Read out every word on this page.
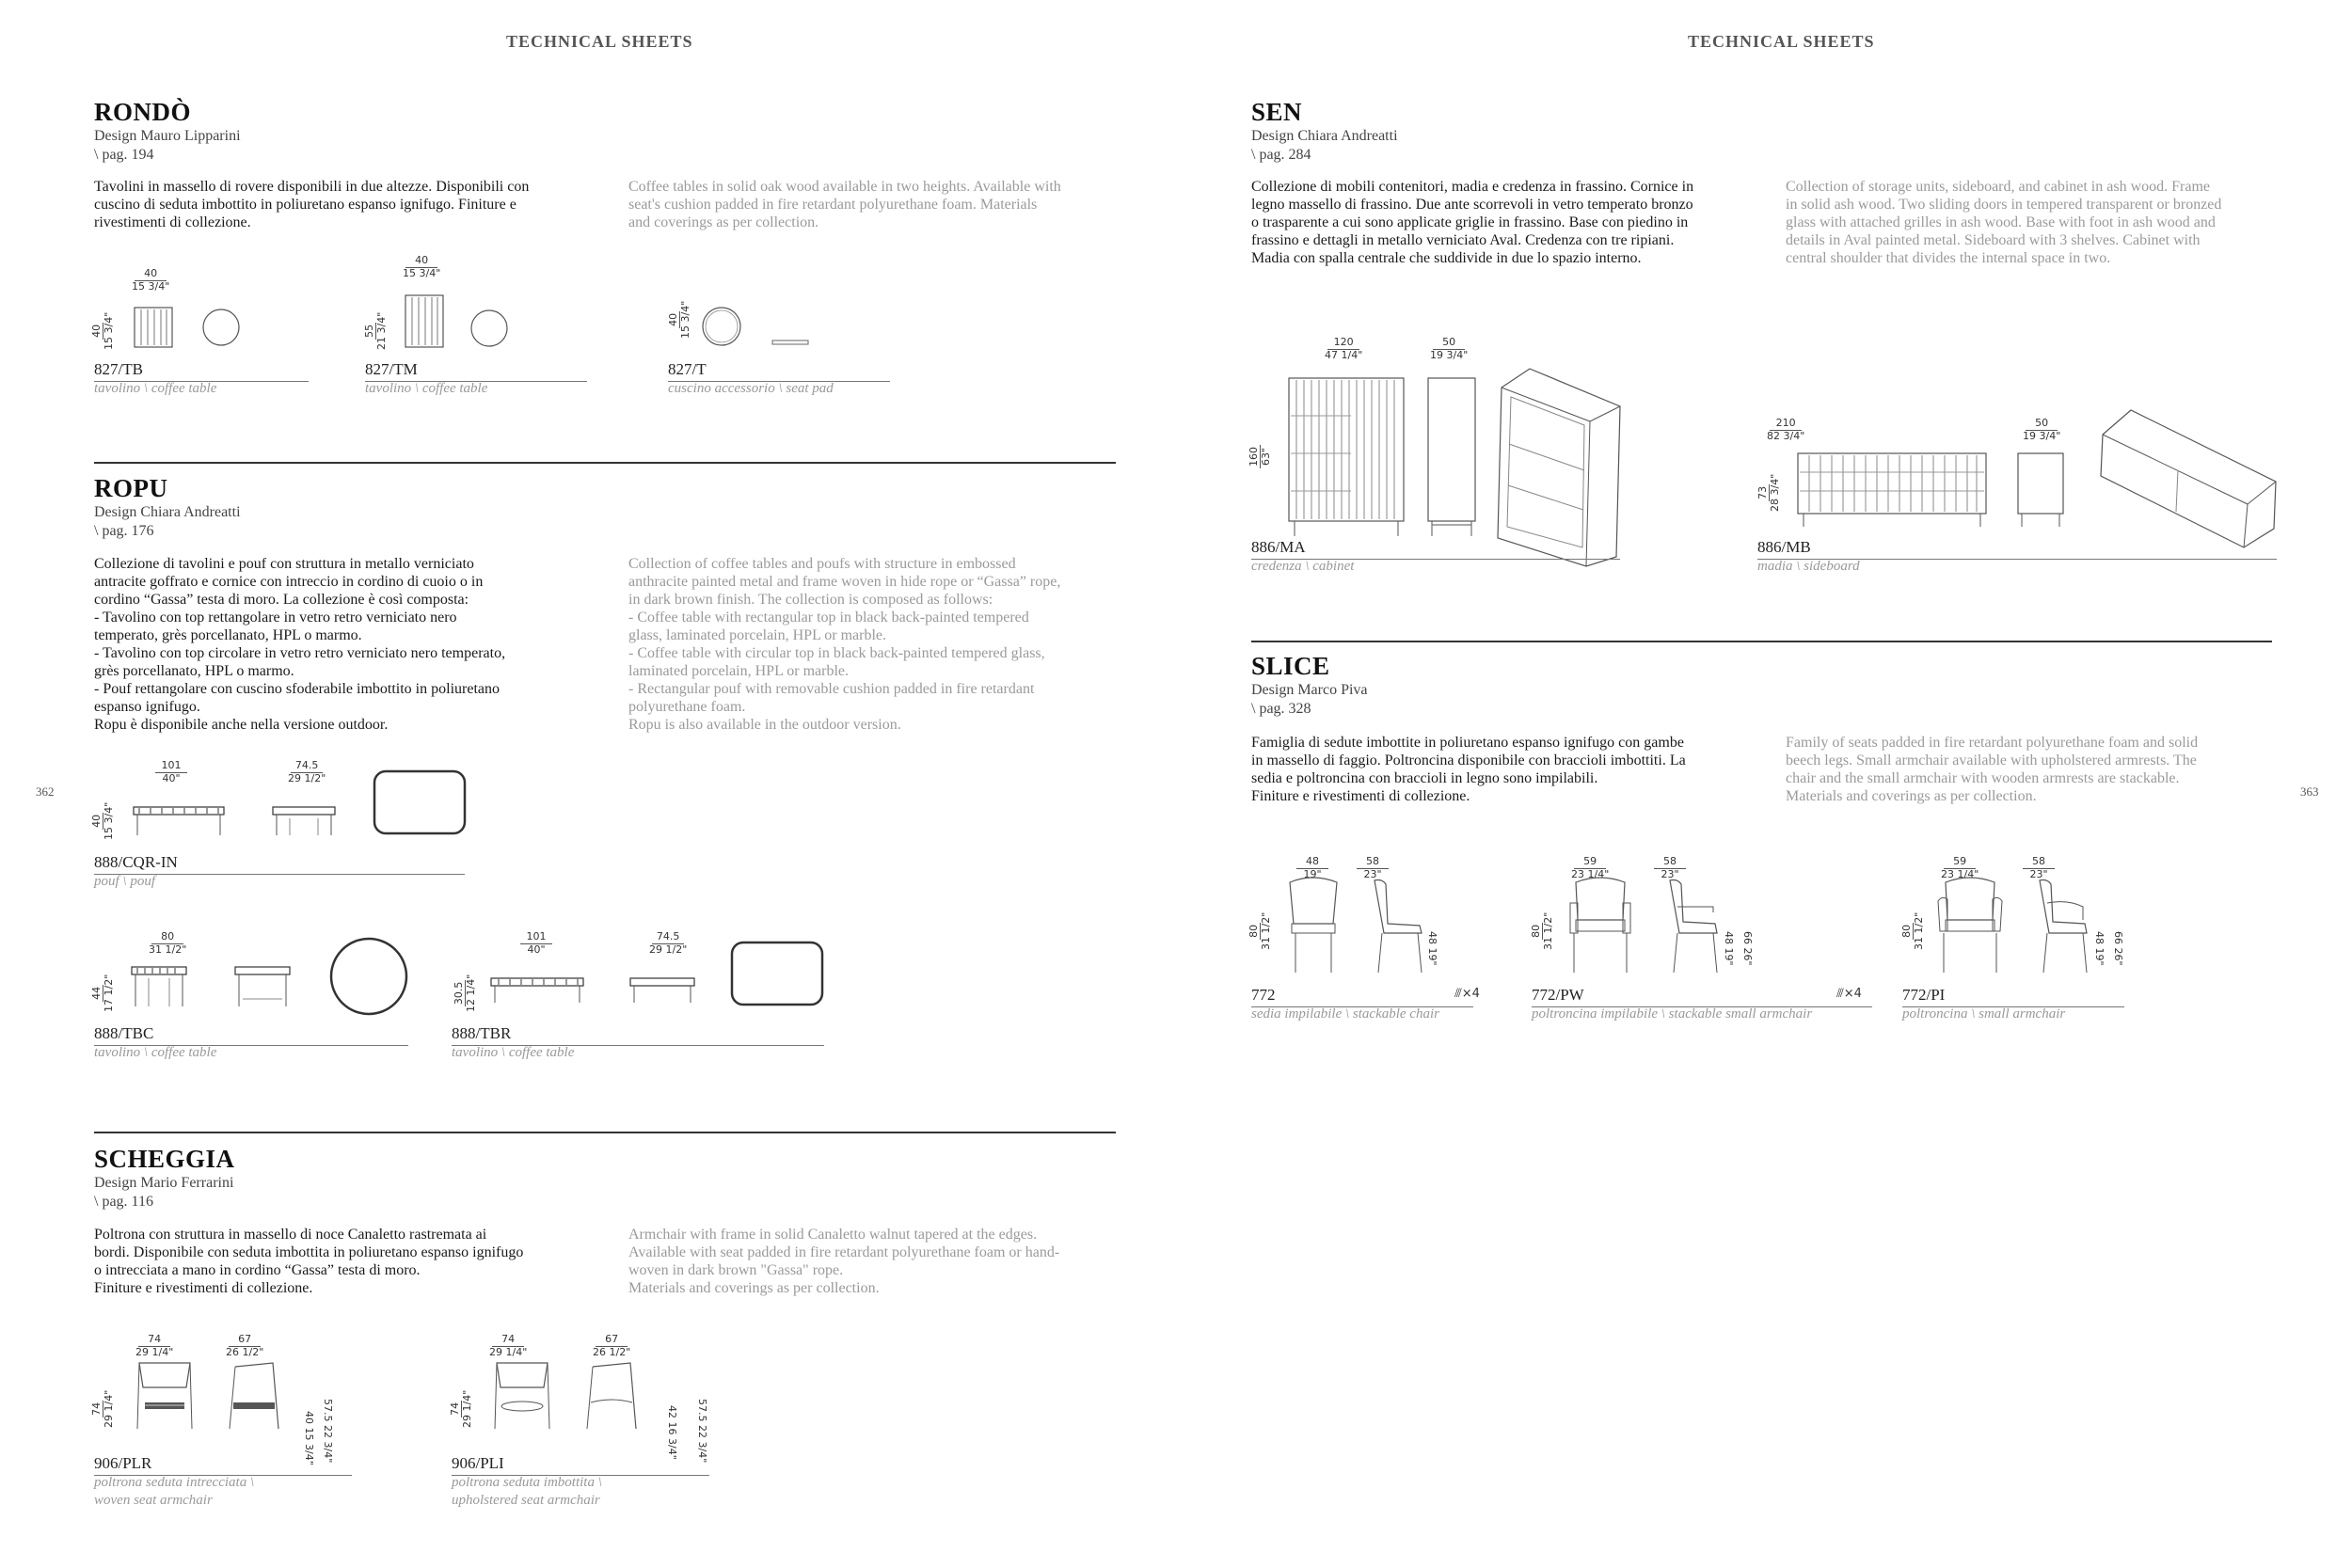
TECHNICAL SHEETS	TECHNICAL SHEETS
362	363
RONDÒ
Design Mauro Lipparini
\ pag. 194
Tavolini in massello di rovere disponibili in due altezze. Disponibili con
cuscino di seduta imbottito in poliuretano espanso ignifugo. Finiture e
rivestimenti di collezione.
Coffee tables in solid oak wood available in two heights. Available with
seat's cushion padded in fire retardant polyurethane foam. Materials
and coverings as per collection.
40
15 3/4"
40
15 3/4"
827/TB
tavolino \ coffee table
40
15 3/4"
55
21 3/4"
827/TM
tavolino \ coffee table
40
15 3/4"
827/T
cuscino accessorio \ seat pad
ROPU
Design Chiara Andreatti
\ pag. 176
Collezione di tavolini e pouf con struttura in metallo verniciato
antracite goffrato e cornice con intreccio in cordino di cuoio o in
cordino “Gassa” testa di moro. La collezione è così composta:
- Tavolino con top rettangolare in vetro retro verniciato nero
temperato, grès porcellanato, HPL o marmo.
- Tavolino con top circolare in vetro retro verniciato nero temperato,
grès porcellanato, HPL o marmo.
- Pouf rettangolare con cuscino sfoderabile imbottito in poliuretano
espanso ignifugo.
Ropu è disponibile anche nella versione outdoor.
Collection of coffee tables and poufs with structure in embossed
anthracite painted metal and frame woven in hide rope or “Gassa” rope,
in dark brown finish. The collection is composed as follows:
- Coffee table with rectangular top in black back-painted tempered
glass, laminated porcelain, HPL or marble.
- Coffee table with circular top in black back-painted tempered glass,
laminated porcelain, HPL or marble.
- Rectangular pouf with removable cushion padded in fire retardant
polyurethane foam.
Ropu is also available in the outdoor version.
101
40"
74.5
29 1/2"
40
15 3/4"
888/CQR-IN
pouf \ pouf
80
31 1/2"
44
17 1/2"
888/TBC
tavolino \ coffee table
101
40"
74.5
29 1/2"
30.5
12 1/4"
888/TBR
tavolino \ coffee table
SCHEGGIA
Design Mario Ferrarini
\ pag. 116
Poltrona con struttura in massello di noce Canaletto rastremata ai
bordi. Disponibile con seduta imbottita in poliuretano espanso ignifugo
o intrecciata a mano in cordino “Gassa” testa di moro.
Finiture e rivestimenti di collezione.
Armchair with frame in solid Canaletto walnut tapered at the edges.
Available with seat padded in fire retardant polyurethane foam or hand-
woven in dark brown "Gassa" rope.
Materials and coverings as per collection.
74
29 1/4"
67
26 1/2"
74
29 1/4"	57.5 22 3/4"
40 15 3/4"
906/PLR
poltrona seduta intrecciata \
woven seat armchair
74
29 1/4"
67
26 1/2"
74
29 1/4"	57.5 22 3/4"
42 16 3/4"
906/PLI
poltrona seduta imbottita \
upholstered seat armchair
SEN
Design Chiara Andreatti
\ pag. 284
Collezione di mobili contenitori, madia e credenza in frassino. Cornice in
legno massello di frassino. Due ante scorrevoli in vetro temperato bronzo
o trasparente a cui sono applicate griglie in frassino. Base con piedino in
frassino e dettagli in metallo verniciato Aval. Credenza con tre ripiani.
Madia con spalla centrale che suddivide in due lo spazio interno.
Collection of storage units, sideboard, and cabinet in ash wood. Frame
in solid ash wood. Two sliding doors in tempered transparent or bronzed
glass with attached grilles in ash wood. Base with foot in ash wood and
details in Aval painted metal. Sideboard with 3 shelves. Cabinet with
central shoulder that divides the internal space in two.
120
47 1/4"
50
19 3/4"
160
63"
886/MA
credenza \ cabinet
210
82 3/4"
50
19 3/4"
73
28 3/4"
886/MB
madia \ sideboard
SLICE
Design Marco Piva
\ pag. 328
Famiglia di sedute imbottite in poliuretano espanso ignifugo con gambe
in massello di faggio. Poltroncina disponibile con braccioli imbottiti. La
sedia e poltroncina con braccioli in legno sono impilabili.
Finiture e rivestimenti di collezione.
Family of seats padded in fire retardant polyurethane foam and solid
beech legs. Small armchair available with upholstered armrests. The
chair and the small armchair with wooden armrests are stackable.
Materials and coverings as per collection.
48
19"
58
23"
80
31 1/2"	48 19"
772
sedia impilabile \ stackable chair
⫻×4
59
23 1/4"
58
23"
80
31 1/2"	48 19"
66 26"
772/PW
poltroncina impilabile \ stackable small armchair
⫻×4
59
23 1/4"
58
23"
80
31 1/2"	48 19"
66 26"
772/PI
poltroncina \ small armchair
